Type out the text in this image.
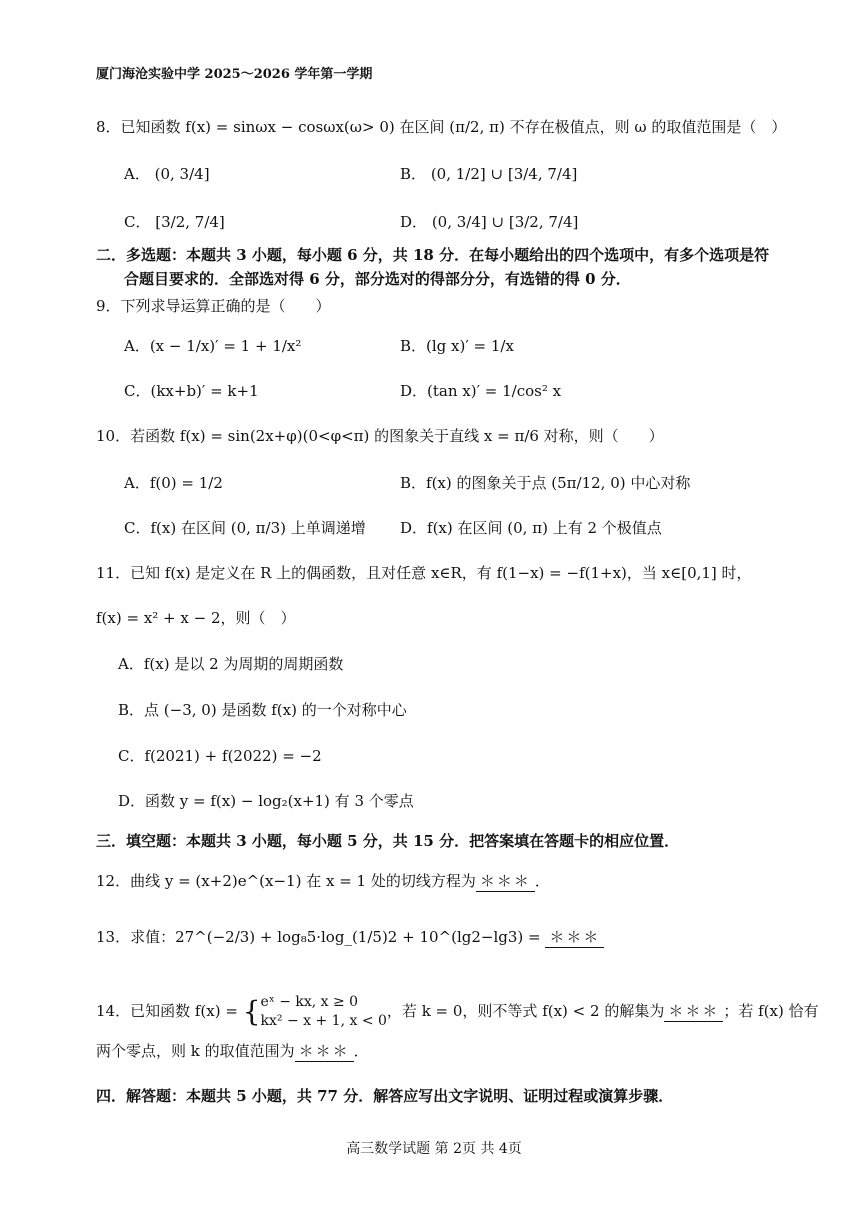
厦门海沧实验中学 2025～2026 学年第一学期
8．已知函数 f(x) = sinωx − cosωx(ω> 0) 在区间 (π/2, π) 不存在极值点，则 ω 的取值范围是（　）
A． (0, 3/4]	B． (0, 1/2] ∪ [3/4, 7/4]
C． [3/2, 7/4]	D． (0, 3/4] ∪ [3/2, 7/4]
二．多选题：本题共 3 小题，每小题 6 分，共 18 分．在每小题给出的四个选项中，有多个选项是符
合题目要求的．全部选对得 6 分，部分选对的得部分分，有选错的得 0 分．
9．下列求导运算正确的是（　　）
A．(x − 1/x)′ = 1 + 1/x²	B．(lg x)′ = 1/x
C．(kx+b)′ = k+1	D．(tan x)′ = 1/cos² x
10．若函数 f(x) = sin(2x+φ)(0<φ<π) 的图象关于直线 x = π/6 对称，则（　　）
A．f(0) = 1/2	B．f(x) 的图象关于点 (5π/12, 0) 中心对称
C．f(x) 在区间 (0, π/3) 上单调递增 D．f(x) 在区间 (0, π) 上有 2 个极值点
11．已知 f(x) 是定义在 R 上的偶函数，且对任意 x∈R，有 f(1−x) = −f(1+x)，当 x∈[0,1] 时，
f(x) = x² + x − 2，则（　）
A．f(x) 是以 2 为周期的周期函数
B．点 (−3, 0) 是函数 f(x) 的一个对称中心
C．f(2021) + f(2022) = −2
D．函数 y = f(x) − log₂(x+1) 有 3 个零点
三．填空题：本题共 3 小题，每小题 5 分，共 15 分．把答案填在答题卡的相应位置．
12．曲线 y = (x+2)e^(x−1) 在 x = 1 处的切线方程为 ＊＊＊ ．
13．求值：27^(−2/3) + log₈5·log_(1/5)2 + 10^(lg2−lg3) = ＊＊＊
14．已知函数 f(x) = { eˣ − kx, x ≥ 0
kx² − x + 1, x < 0
，若 k = 0，则不等式 f(x) < 2 的解集为 ＊＊＊ ；若 f(x) 恰有
两个零点，则 k 的取值范围为 ＊＊＊ ．
四．解答题：本题共 5 小题，共 77 分．解答应写出文字说明、证明过程或演算步骤．
高三数学试题 第 2页 共 4页
